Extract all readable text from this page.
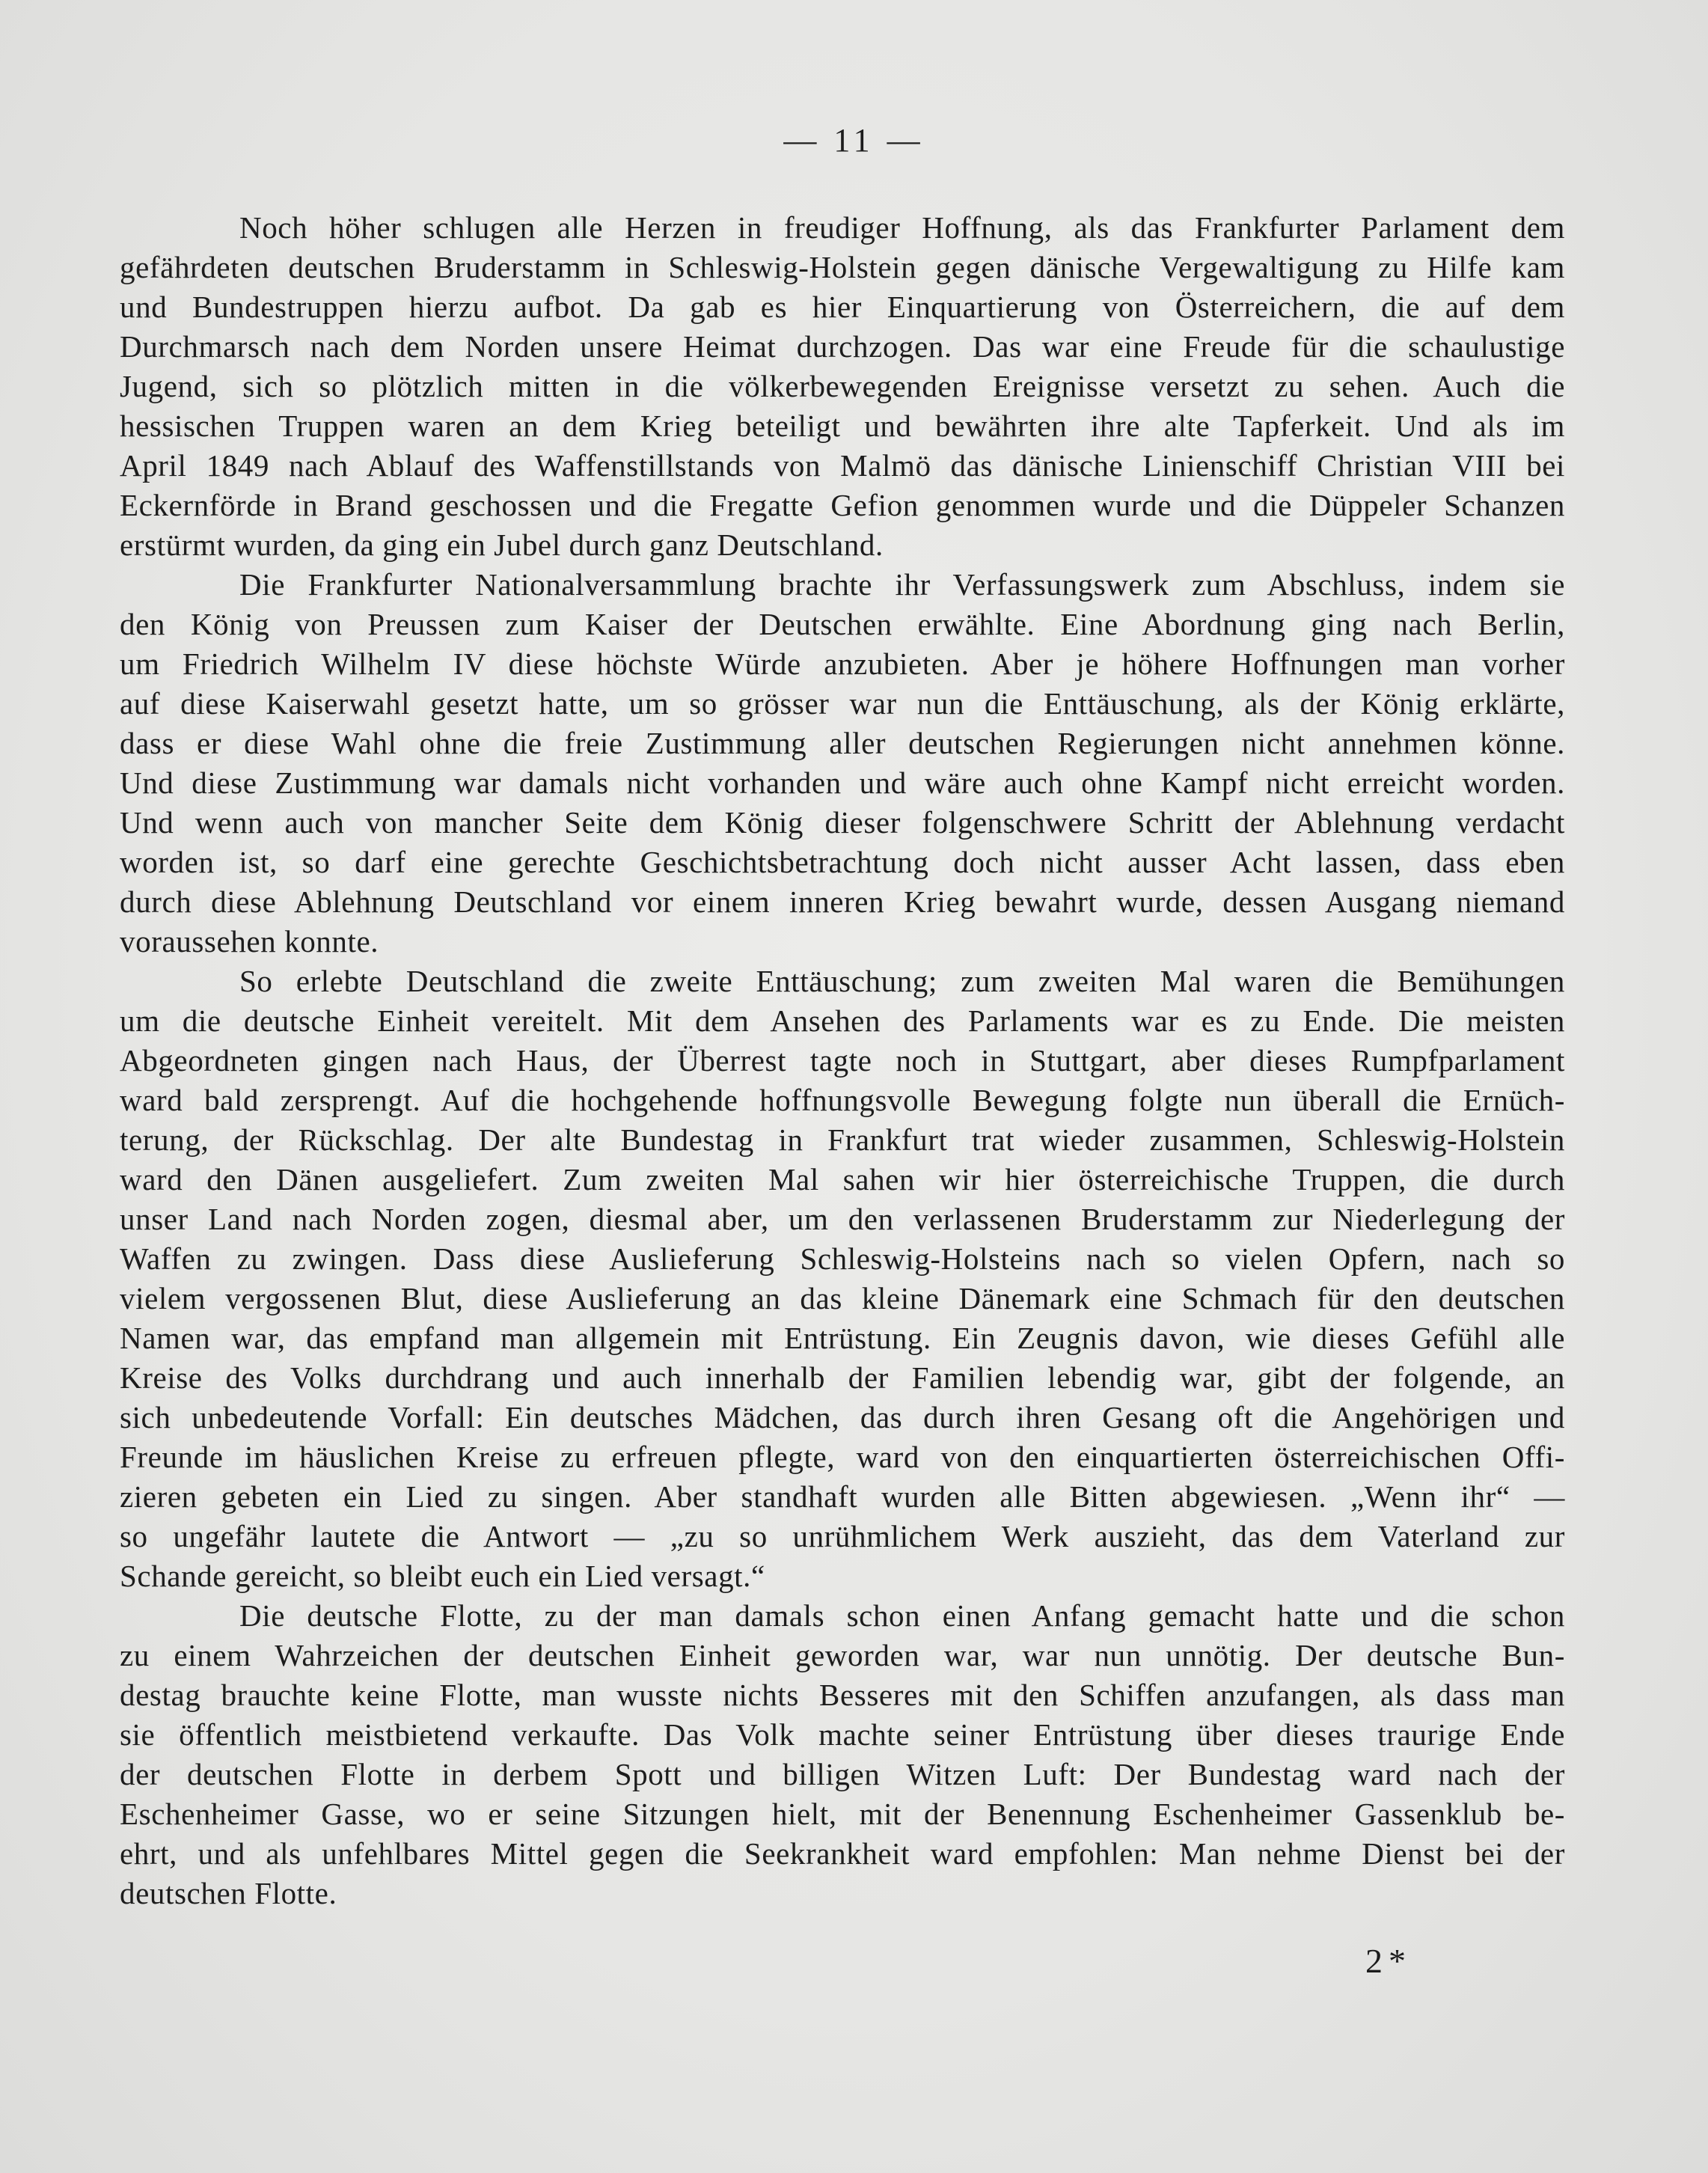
— 11 —
Noch höher schlugen alle Herzen in freudiger Hoffnung, als das Frankfurter Parlament dem
gefährdeten deutschen Bruderstamm in Schleswig-Holstein gegen dänische Vergewaltigung zu Hilfe kam
und Bundestruppen hierzu aufbot. Da gab es hier Einquartierung von Österreichern, die auf dem
Durchmarsch nach dem Norden unsere Heimat durchzogen. Das war eine Freude für die schaulustige
Jugend, sich so plötzlich mitten in die völkerbewegenden Ereignisse versetzt zu sehen. Auch die
hessischen Truppen waren an dem Krieg beteiligt und bewährten ihre alte Tapferkeit. Und als im
April 1849 nach Ablauf des Waffenstillstands von Malmö das dänische Linienschiff Christian VIII bei
Eckernförde in Brand geschossen und die Fregatte Gefion genommen wurde und die Düppeler Schanzen
erstürmt wurden, da ging ein Jubel durch ganz Deutschland.
Die Frankfurter Nationalversammlung brachte ihr Verfassungswerk zum Abschluss, indem sie
den König von Preussen zum Kaiser der Deutschen erwählte. Eine Abordnung ging nach Berlin,
um Friedrich Wilhelm IV diese höchste Würde anzubieten. Aber je höhere Hoffnungen man vorher
auf diese Kaiserwahl gesetzt hatte, um so grösser war nun die Enttäuschung, als der König erklärte,
dass er diese Wahl ohne die freie Zustimmung aller deutschen Regierungen nicht annehmen könne.
Und diese Zustimmung war damals nicht vorhanden und wäre auch ohne Kampf nicht erreicht worden.
Und wenn auch von mancher Seite dem König dieser folgenschwere Schritt der Ablehnung verdacht
worden ist, so darf eine gerechte Geschichtsbetrachtung doch nicht ausser Acht lassen, dass eben
durch diese Ablehnung Deutschland vor einem inneren Krieg bewahrt wurde, dessen Ausgang niemand
voraussehen konnte.
So erlebte Deutschland die zweite Enttäuschung; zum zweiten Mal waren die Bemühungen
um die deutsche Einheit vereitelt. Mit dem Ansehen des Parlaments war es zu Ende. Die meisten
Abgeordneten gingen nach Haus, der Überrest tagte noch in Stuttgart, aber dieses Rumpfparlament
ward bald zersprengt. Auf die hochgehende hoffnungsvolle Bewegung folgte nun überall die Ernüch-
terung, der Rückschlag. Der alte Bundestag in Frankfurt trat wieder zusammen, Schleswig-Holstein
ward den Dänen ausgeliefert. Zum zweiten Mal sahen wir hier österreichische Truppen, die durch
unser Land nach Norden zogen, diesmal aber, um den verlassenen Bruderstamm zur Niederlegung der
Waffen zu zwingen. Dass diese Auslieferung Schleswig-Holsteins nach so vielen Opfern, nach so
vielem vergossenen Blut, diese Auslieferung an das kleine Dänemark eine Schmach für den deutschen
Namen war, das empfand man allgemein mit Entrüstung. Ein Zeugnis davon, wie dieses Gefühl alle
Kreise des Volks durchdrang und auch innerhalb der Familien lebendig war, gibt der folgende, an
sich unbedeutende Vorfall: Ein deutsches Mädchen, das durch ihren Gesang oft die Angehörigen und
Freunde im häuslichen Kreise zu erfreuen pflegte, ward von den einquartierten österreichischen Offi-
zieren gebeten ein Lied zu singen. Aber standhaft wurden alle Bitten abgewiesen. „Wenn ihr“ —
so ungefähr lautete die Antwort — „zu so unrühmlichem Werk auszieht, das dem Vaterland zur
Schande gereicht, so bleibt euch ein Lied versagt.“
Die deutsche Flotte, zu der man damals schon einen Anfang gemacht hatte und die schon
zu einem Wahrzeichen der deutschen Einheit geworden war, war nun unnötig. Der deutsche Bun-
destag brauchte keine Flotte, man wusste nichts Besseres mit den Schiffen anzufangen, als dass man
sie öffentlich meistbietend verkaufte. Das Volk machte seiner Entrüstung über dieses traurige Ende
der deutschen Flotte in derbem Spott und billigen Witzen Luft: Der Bundestag ward nach der
Eschenheimer Gasse, wo er seine Sitzungen hielt, mit der Benennung Eschenheimer Gassenklub be-
ehrt, und als unfehlbares Mittel gegen die Seekrankheit ward empfohlen: Man nehme Dienst bei der
deutschen Flotte.
2*
